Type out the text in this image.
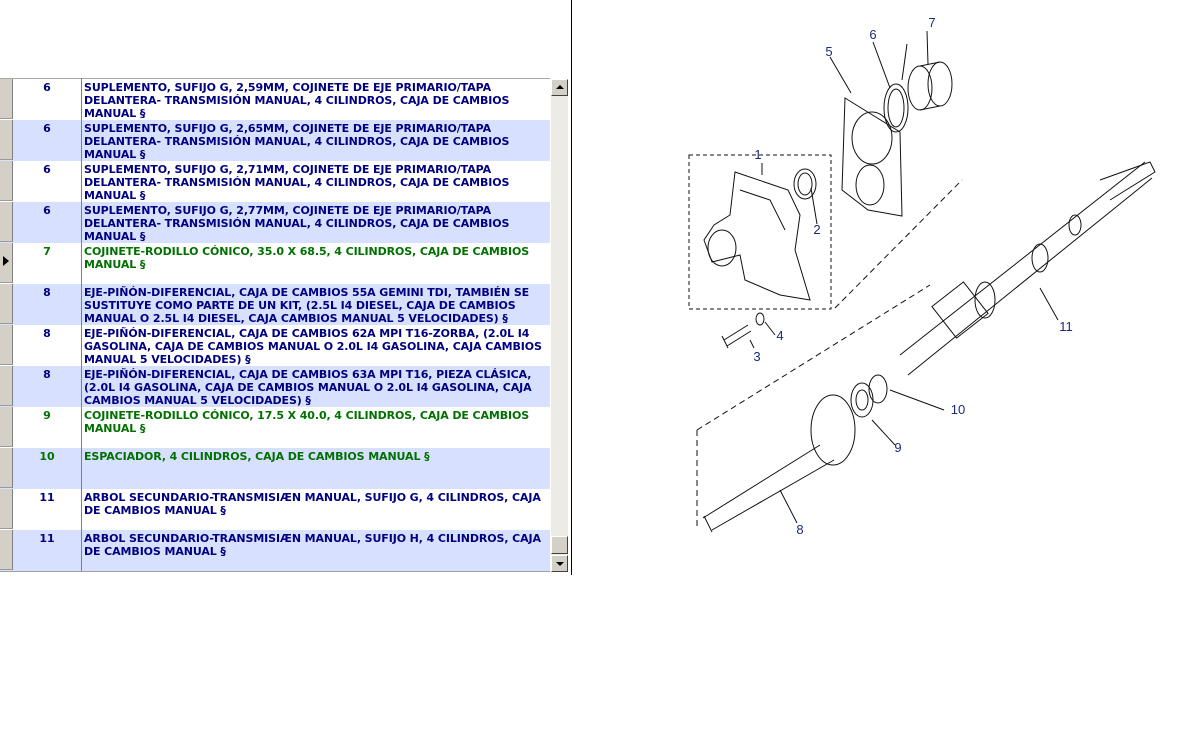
6	SUPLEMENTO, SUFIJO G, 2,59MM, COJINETE DE EJE PRIMARIO/TAPA DELANTERA- TRANSMISIÓN MANUAL, 4 CILINDROS, CAJA DE CAMBIOS MANUAL §
6	SUPLEMENTO, SUFIJO G, 2,65MM, COJINETE DE EJE PRIMARIO/TAPA DELANTERA- TRANSMISIÓN MANUAL, 4 CILINDROS, CAJA DE CAMBIOS MANUAL §
6	SUPLEMENTO, SUFIJO G, 2,71MM, COJINETE DE EJE PRIMARIO/TAPA DELANTERA- TRANSMISIÓN MANUAL, 4 CILINDROS, CAJA DE CAMBIOS MANUAL §
6	SUPLEMENTO, SUFIJO G, 2,77MM, COJINETE DE EJE PRIMARIO/TAPA DELANTERA- TRANSMISIÓN MANUAL, 4 CILINDROS, CAJA DE CAMBIOS MANUAL §
7	COJINETE-RODILLO CÓNICO, 35.0 X 68.5, 4 CILINDROS, CAJA DE CAMBIOS MANUAL §
8	EJE-PIÑÓN-DIFERENCIAL, CAJA DE CAMBIOS 55A GEMINI TDI, TAMBIÉN SE SUSTITUYE COMO PARTE DE UN KIT, (2.5L I4 DIESEL, CAJA DE CAMBIOS MANUAL O 2.5L I4 DIESEL, CAJA CAMBIOS MANUAL 5 VELOCIDADES) §
8	EJE-PIÑÓN-DIFERENCIAL, CAJA DE CAMBIOS 62A MPI T16-ZORBA, (2.0L I4 GASOLINA, CAJA DE CAMBIOS MANUAL O 2.0L I4 GASOLINA, CAJA CAMBIOS MANUAL 5 VELOCIDADES) §
8	EJE-PIÑÓN-DIFERENCIAL, CAJA DE CAMBIOS 63A MPI T16, PIEZA CLÁSICA, (2.0L I4 GASOLINA, CAJA DE CAMBIOS MANUAL O 2.0L I4 GASOLINA, CAJA CAMBIOS MANUAL 5 VELOCIDADES) §
9	COJINETE-RODILLO CÓNICO, 17.5 X 40.0, 4 CILINDROS, CAJA DE CAMBIOS MANUAL §
10	ESPACIADOR, 4 CILINDROS, CAJA DE CAMBIOS MANUAL §
11	ARBOL SECUNDARIO-TRANSMISIÆN MANUAL, SUFIJO G, 4 CILINDROS, CAJA DE CAMBIOS MANUAL §
11	ARBOL SECUNDARIO-TRANSMISIÆN MANUAL, SUFIJO H, 4 CILINDROS, CAJA DE CAMBIOS MANUAL §
1
2
3
4
5
6
7
8
9
10
11
